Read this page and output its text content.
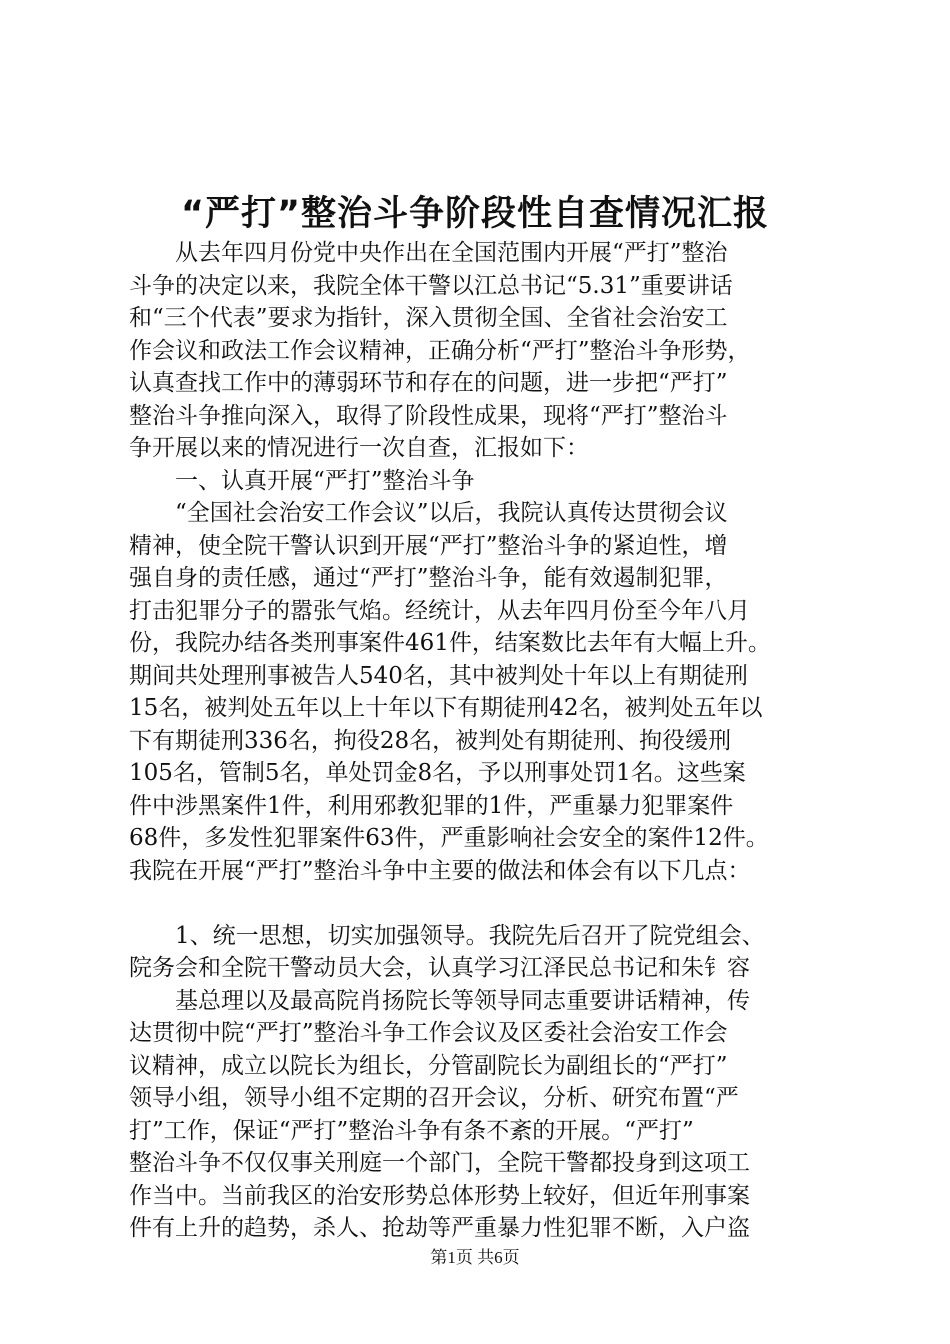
“严打”整治斗争阶段性自查情况汇报
　　从去年四月份党中央作出在全国范围内开展“严打”整治
斗争的决定以来，我院全体干警以江总书记“5.31”重要讲话
和“三个代表”要求为指针，深入贯彻全国、全省社会治安工
作会议和政法工作会议精神，正确分析“严打”整治斗争形势，
认真查找工作中的薄弱环节和存在的问题，进一步把“严打”
整治斗争推向深入，取得了阶段性成果，现将“严打”整治斗
争开展以来的情况进行一次自查，汇报如下：
　　一、认真开展“严打”整治斗争
　　“全国社会治安工作会议”以后，我院认真传达贯彻会议
精神，使全院干警认识到开展“严打”整治斗争的紧迫性，增
强自身的责任感，通过“严打”整治斗争，能有效遏制犯罪，
打击犯罪分子的嚣张气焰。经统计，从去年四月份至今年八月
份，我院办结各类刑事案件461件，结案数比去年有大幅上升。
期间共处理刑事被告人540名，其中被判处十年以上有期徒刑
15名，被判处五年以上十年以下有期徒刑42名，被判处五年以
下有期徒刑336名，拘役28名，被判处有期徒刑、拘役缓刑
105名，管制5名，单处罚金8名，予以刑事处罚1名。这些案
件中涉黑案件1件，利用邪教犯罪的1件，严重暴力犯罪案件
68件，多发性犯罪案件63件，严重影响社会安全的案件12件。
我院在开展“严打”整治斗争中主要的做法和体会有以下几点：
　　1、统一思想，切实加强领导。我院先后召开了院党组会、
院务会和全院干警动员大会，认真学习江泽民总书记和朱钅容
　　基总理以及最高院肖扬院长等领导同志重要讲话精神，传
达贯彻中院“严打”整治斗争工作会议及区委社会治安工作会
议精神，成立以院长为组长，分管副院长为副组长的“严打”
领导小组，领导小组不定期的召开会议，分析、研究布置“严
打”工作，保证“严打”整治斗争有条不紊的开展。“严打”
整治斗争不仅仅事关刑庭一个部门，全院干警都投身到这项工
作当中。当前我区的治安形势总体形势上较好，但近年刑事案
件有上升的趋势，杀人、抢劫等严重暴力性犯罪不断，入户盗
第1页 共6页
